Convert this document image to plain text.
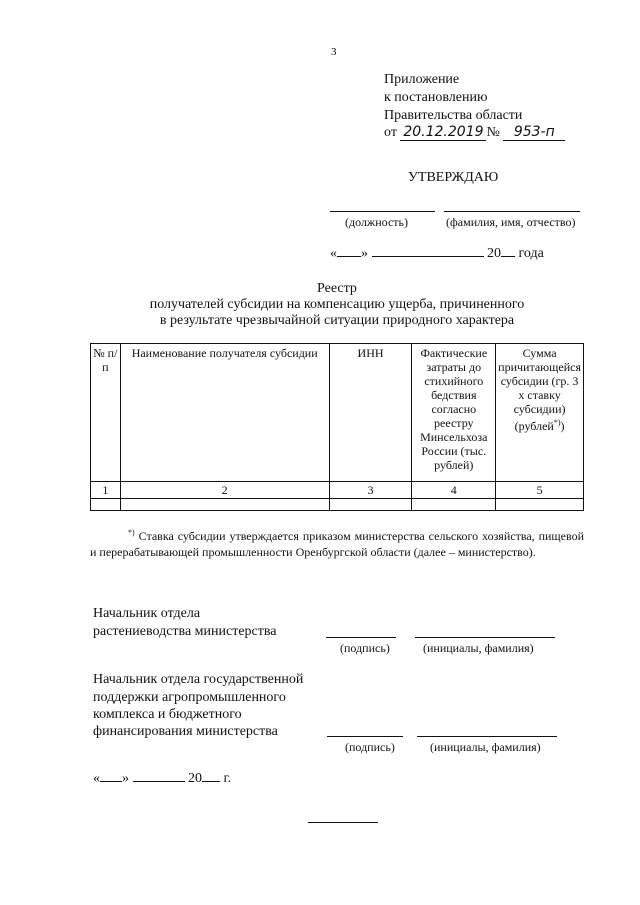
3
Приложение
к постановлению
Правительства области
от 20.12.2019 № 953-п
УТВЕРЖДАЮ
(должность)	(фамилия, имя, отчество)
« »	20 года
Реестр
получателей субсидии на компенсацию ущерба, причиненного
в результате чрезвычайной ситуации природного характера
№ п/п	Наименование получателя субсидии	ИНН	Фактические затраты до стихийного бедствия согласно реестру Минсельхоза России (тыс. рублей)	Сумма причитающейся субсидии (гр. 3 х ставку субсидии) (рублей*))
1	2	3	4	5

*) Ставка субсидии утверждается приказом министерства сельского хозяйства, пищевой и перерабатывающей промышленности Оренбургской области (далее – министерство).
Начальник отдела
растениеводства министерства
(подпись)	(инициалы, фамилия)
Начальник отдела государственной
поддержки агропромышленного
комплекса и бюджетного
финансирования министерства
(подпись)	(инициалы, фамилия)
« »	20 г.
